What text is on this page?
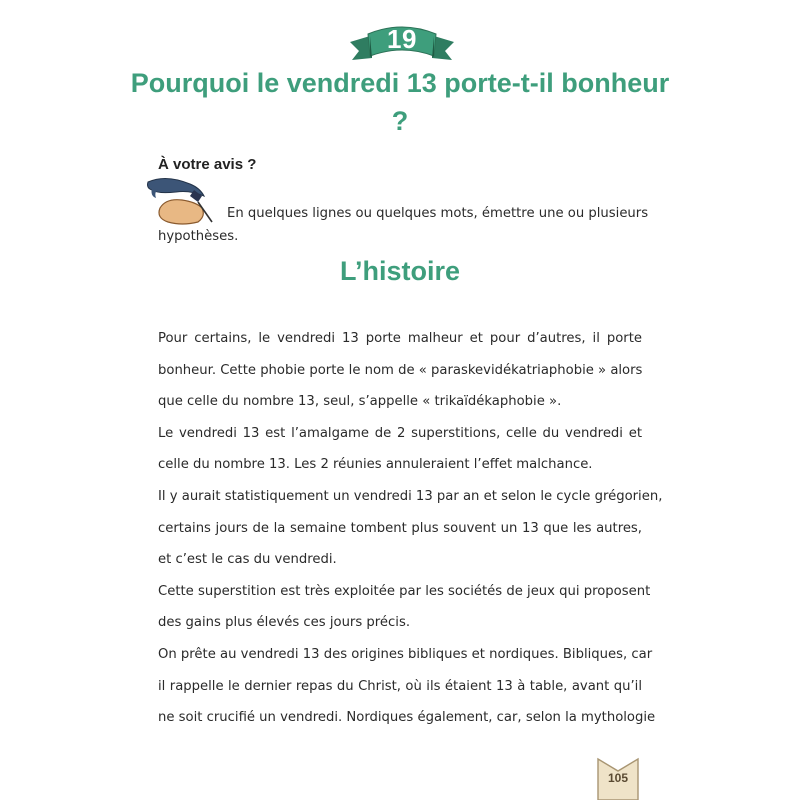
19
Pourquoi le vendredi 13 porte-t-il bonheur ?
À votre avis ?
En quelques lignes ou quelques mots, émettre une ou plusieurs
hypothèses.
L’histoire
Pour certains, le vendredi 13 porte malheur et pour d’autres, il porte
bonheur. Cette phobie porte le nom de « paraskevidékatriaphobie » alors
que celle du nombre 13, seul, s’appelle « trikaïdékaphobie ».
Le vendredi 13 est l’amalgame de 2 superstitions, celle du vendredi et
celle du nombre 13. Les 2 réunies annuleraient l’effet malchance.
Il y aurait statistiquement un vendredi 13 par an et selon le cycle grégorien,
certains jours de la semaine tombent plus souvent un 13 que les autres,
et c’est le cas du vendredi.
Cette superstition est très exploitée par les sociétés de jeux qui proposent
des gains plus élevés ces jours précis.
On prête au vendredi 13 des origines bibliques et nordiques. Bibliques, car
il rappelle le dernier repas du Christ, où ils étaient 13 à table, avant qu’il
ne soit crucifié un vendredi. Nordiques également, car, selon la mythologie
105
